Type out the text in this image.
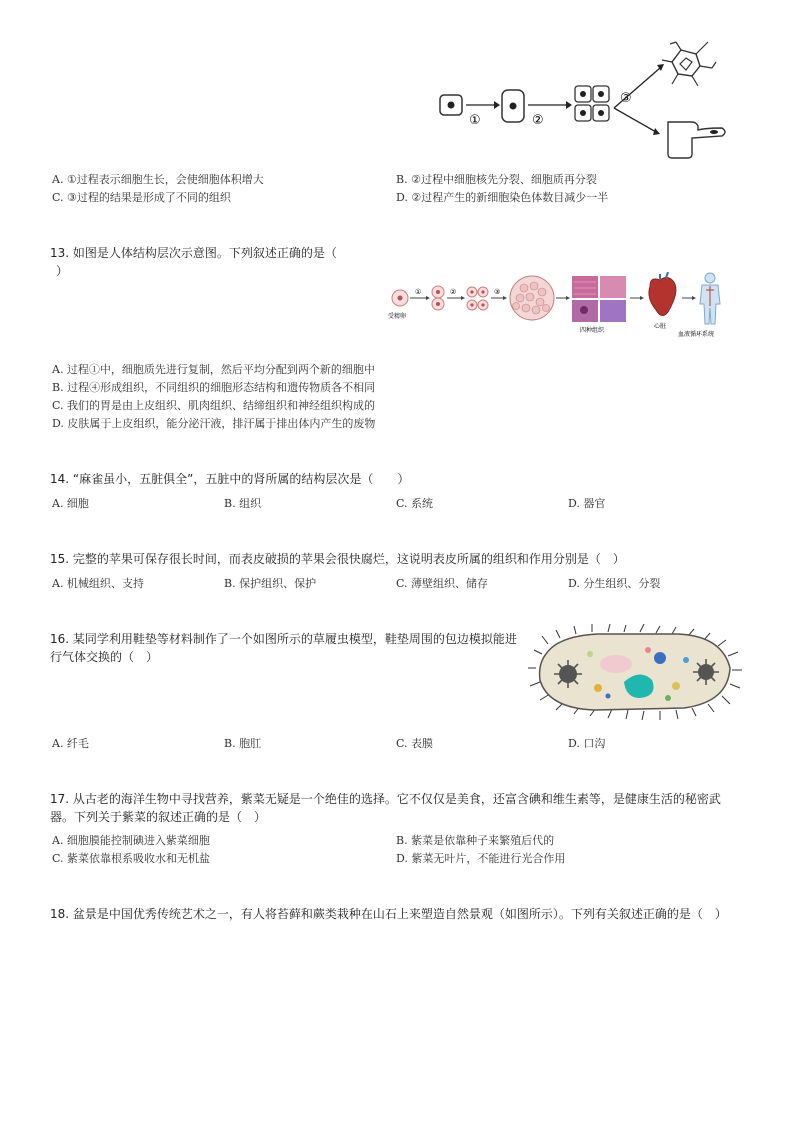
①	②
③
A. ①过程表示细胞生长，会使细胞体积增大	B. ②过程中细胞核先分裂、细胞质再分裂
C. ③过程的结果是形成了不同的组织	D. ②过程产生的新细胞染色体数目减少一半
13. 如图是人体结构层次示意图。下列叙述正确的是（
）
受精卵
①	②	③
四种组织
心脏
血液循环系统
A. 过程①中，细胞质先进行复制，然后平均分配到两个新的细胞中
B. 过程④形成组织，不同组织的细胞形态结构和遗传物质各不相同
C. 我们的胃是由上皮组织、肌肉组织、结缔组织和神经组织构成的
D. 皮肤属于上皮组织，能分泌汗液，排汗属于排出体内产生的废物
14. “麻雀虽小，五脏俱全”，五脏中的肾所属的结构层次是（　　）
A. 细胞	B. 组织	C. 系统	D. 器官
15. 完整的苹果可保存很长时间，而表皮破损的苹果会很快腐烂，这说明表皮所属的组织和作用分别是（　）
A. 机械组织、支持	B. 保护组织、保护	C. 薄壁组织、储存	D. 分生组织、分裂
16. 某同学利用鞋垫等材料制作了一个如图所示的草履虫模型，鞋垫周围的包边模拟能进
行气体交换的（　）
A. 纤毛	B. 胞肛	C. 表膜	D. 口沟
17. 从古老的海洋生物中寻找营养，紫菜无疑是一个绝佳的选择。它不仅仅是美食，还富含碘和维生素等，是健康生活的秘密武
器。下列关于紫菜的叙述正确的是（　）
A. 细胞膜能控制碘进入紫菜细胞	B. 紫菜是依靠种子来繁殖后代的
C. 紫菜依靠根系吸收水和无机盐	D. 紫菜无叶片，不能进行光合作用
18. 盆景是中国优秀传统艺术之一，有人将苔藓和蕨类栽种在山石上来塑造自然景观（如图所示）。下列有关叙述正确的是（　）
